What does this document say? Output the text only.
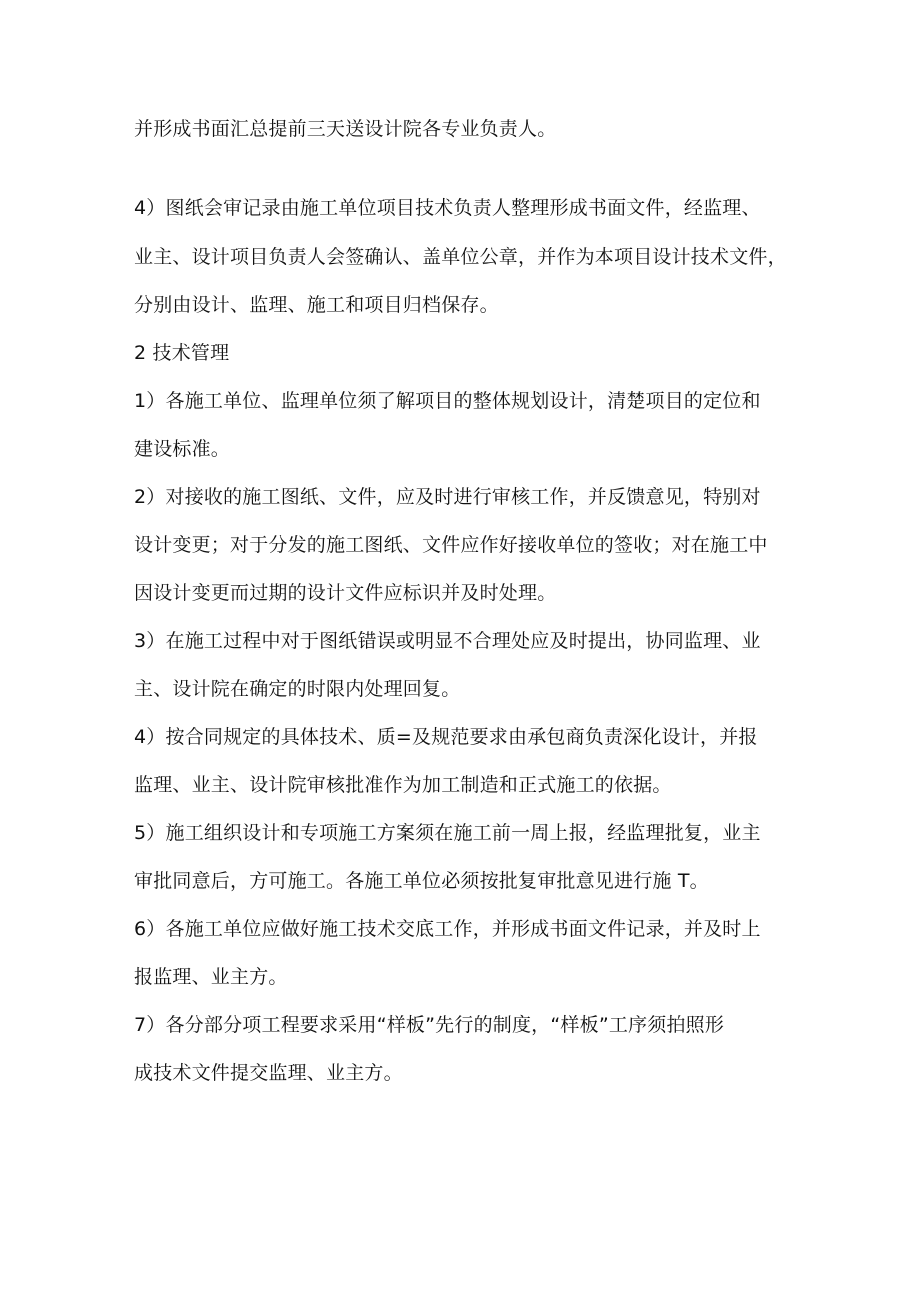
并形成书面汇总提前三天送设计院各专业负责人。
4）图纸会审记录由施工单位项目技术负责人整理形成书面文件，经监理、
业主、设计项目负责人会签确认、盖单位公章，并作为本项目设计技术文件，
分别由设计、监理、施工和项目归档保存。
2 技术管理
1）各施工单位、监理单位须了解项目的整体规划设计，清楚项目的定位和
建设标准。
2）对接收的施工图纸、文件，应及时进行审核工作，并反馈意见，特别对
设计变更；对于分发的施工图纸、文件应作好接收单位的签收；对在施工中
因设计变更而过期的设计文件应标识并及时处理。
3）在施工过程中对于图纸错误或明显不合理处应及时提出，协同监理、业
主、设计院在确定的时限内处理回复。
4）按合同规定的具体技术、质=及规范要求由承包商负责深化设计，并报
监理、业主、设计院审核批准作为加工制造和正式施工的依据。
5）施工组织设计和专项施工方案须在施工前一周上报，经监理批复，业主
审批同意后，方可施工。各施工单位必须按批复审批意见进行施 T。
6）各施工单位应做好施工技术交底工作，并形成书面文件记录，并及时上
报监理、业主方。
7）各分部分项工程要求采用“样板”先行的制度，“样板”工序须拍照形
成技术文件提交监理、业主方。
